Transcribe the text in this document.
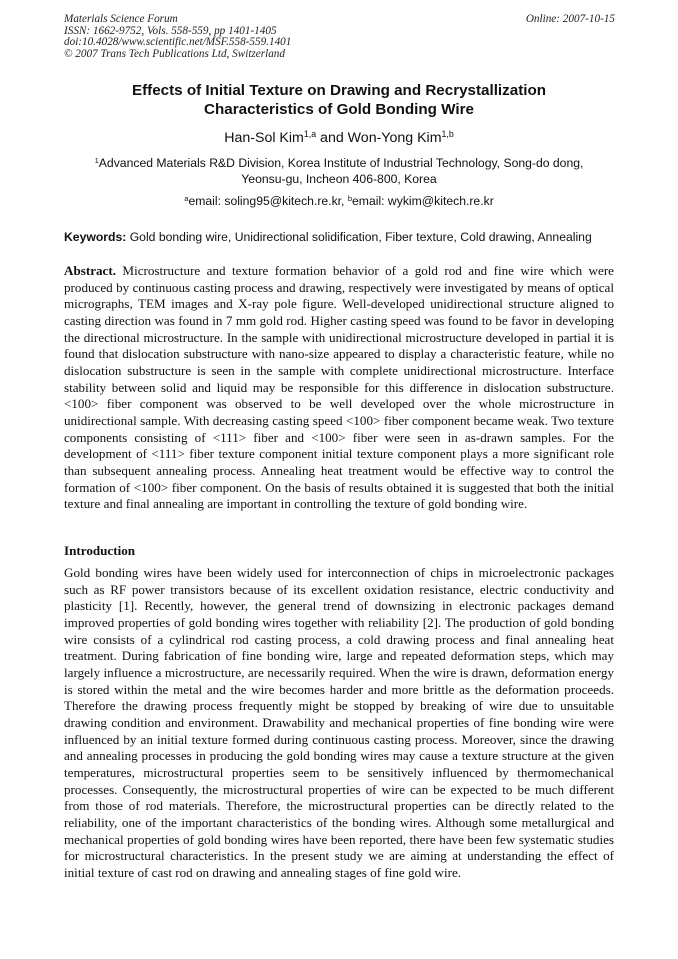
Materials Science Forum
ISSN: 1662-9752, Vols. 558-559, pp 1401-1405
doi:10.4028/www.scientific.net/MSF.558-559.1401
© 2007 Trans Tech Publications Ltd, Switzerland
Online: 2007-10-15
Effects of Initial Texture on Drawing and Recrystallization
Characteristics of Gold Bonding Wire
Han-Sol Kim$^{1,a}$ and Won-Yong Kim$^{1,b}$
$^1$Advanced Materials R&D Division, Korea Institute of Industrial Technology, Song-do dong,
Yeonsu-gu, Incheon 406-800, Korea
$^a$email: soling95@kitech.re.kr, $^b$email: wykim@kitech.re.kr
Keywords: Gold bonding wire, Unidirectional solidification, Fiber texture, Cold drawing, Annealing

Abstract. Microstructure and texture formation behavior of a gold rod and fine wire which were produced by continuous casting process and drawing, respectively were investigated by means of optical micrographs, TEM images and X-ray pole figure. Well-developed unidirectional structure aligned to casting direction was found in 7 mm gold rod. Higher casting speed was found to be favor in developing the directional microstructure. In the sample with unidirectional microstructure developed in partial it is found that dislocation substructure with nano-size appeared to display a characteristic feature, while no dislocation substructure is seen in the sample with complete unidirectional microstructure. Interface stability between solid and liquid may be responsible for this difference in dislocation substructure. <100> fiber component was observed to be well developed over the whole microstructure in unidirectional sample. With decreasing casting speed <100> fiber component became weak. Two texture components consisting of <111> fiber and <100> fiber were seen in as-drawn samples. For the development of <111> fiber texture component initial texture component plays a more significant role than subsequent annealing process. Annealing heat treatment would be effective way to control the formation of <100> fiber component. On the basis of results obtained it is suggested that both the initial texture and final annealing are important in controlling the texture of gold bonding wire.

Introduction

Gold bonding wires have been widely used for interconnection of chips in microelectronic packages such as RF power transistors because of its excellent oxidation resistance, electric conductivity and plasticity [1]. Recently, however, the general trend of downsizing in electronic packages demand improved properties of gold bonding wires together with reliability [2]. The production of gold bonding wire consists of a cylindrical rod casting process, a cold drawing process and final annealing heat treatment. During fabrication of fine bonding wire, large and repeated deformation steps, which may largely influence a microstructure, are necessarily required. When the wire is drawn, deformation energy is stored within the metal and the wire becomes harder and more brittle as the deformation proceeds. Therefore the drawing process frequently might be stopped by breaking of wire due to unsuitable drawing condition and environment. Drawability and mechanical properties of fine bonding wire were influenced by an initial texture formed during continuous casting process. Moreover, since the drawing and annealing processes in producing the gold bonding wires may cause a texture structure at the given temperatures, microstructural properties seem to be sensitively influenced by thermomechanical processes. Consequently, the microstructural properties of wire can be expected to be much different from those of rod materials. Therefore, the microstructural properties can be directly related to the reliability, one of the important characteristics of the bonding wires. Although some metallurgical and mechanical properties of gold bonding wires have been reported, there have been few systematic studies for microstructural characteristics. In the present study we are aiming at understanding the effect of initial texture of cast rod on drawing and annealing stages of fine gold wire.
